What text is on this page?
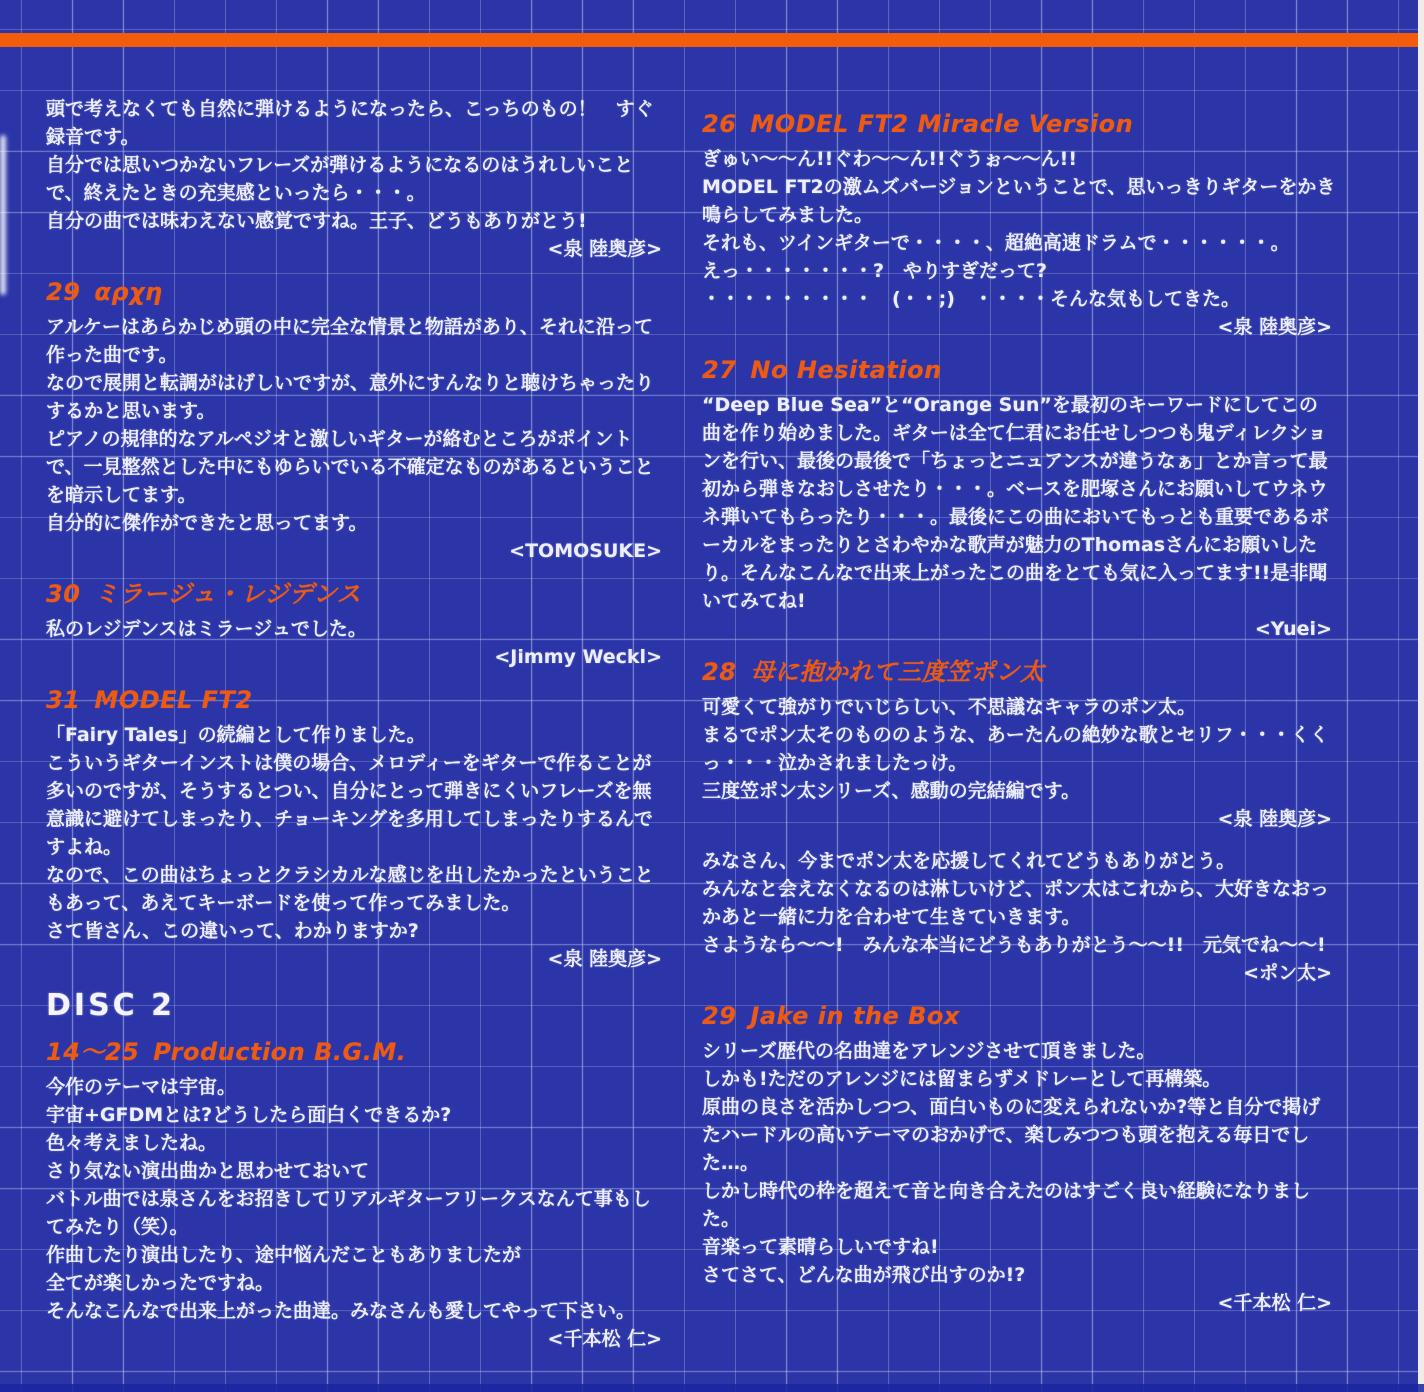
頭で考えなくても自然に弾けるようになったら、こっちのもの！　すぐ録音です。

自分では思いつかないフレーズが弾けるようになるのはうれしいことで、終えたときの充実感といったら・・・。

自分の曲では味わえない感覚ですね。王子、どうもありがとう!

<泉 陸奥彦>
29 αρχη

アルケーはあらかじめ頭の中に完全な情景と物語があり、それに沿って作った曲です。

なので展開と転調がはげしいですが、意外にすんなりと聴けちゃったりするかと思います。

ピアノの規律的なアルペジオと激しいギターが絡むところがポイントで、一見整然とした中にもゆらいでいる不確定なものがあるということを暗示してます。

自分的に傑作ができたと思ってます。

<TOMOSUKE>
30 ミラージュ・レジデンス

私のレジデンスはミラージュでした。

<Jimmy Weckl>
31 MODEL FT2

「Fairy Tales」の続編として作りました。

こういうギターインストは僕の場合、メロディーをギターで作ることが多いのですが、そうするとつい、自分にとって弾きにくいフレーズを無意識に避けてしまったり、チョーキングを多用してしまったりするんですよね。

なので、この曲はちょっとクラシカルな感じを出したかったということもあって、あえてキーボードを使って作ってみました。

さて皆さん、この違いって、わかりますか?

<泉 陸奥彦>
DISC 2
14～25 Production B.G.M.

今作のテーマは宇宙。

宇宙+GFDMとは?どうしたら面白くできるか?

色々考えましたね。

さり気ない演出曲かと思わせておいて

バトル曲では泉さんをお招きしてリアルギターフリークスなんて事もしてみたり（笑）。

作曲したり演出したり、途中悩んだこともありましたが

全てが楽しかったですね。

そんなこんなで出来上がった曲達。みなさんも愛してやって下さい。

<千本松 仁>
26 MODEL FT2 Miracle Version

ぎゅい～～ん!!ぐわ～～ん!!ぐうぉ～～ん!!

MODEL FT2の激ムズバージョンということで、思いっきりギターをかき鳴らしてみました。

それも、ツインギターで・・・・、超絶高速ドラムで・・・・・・。

えっ・・・・・・・?　やりすぎだって?

・・・・・・・・・　(・・;)　・・・・そんな気もしてきた。

<泉 陸奥彦>
27 No Hesitation

“Deep Blue Sea”と“Orange Sun”を最初のキーワードにしてこの曲を作り始めました。ギターは全て仁君にお任せしつつも鬼ディレクションを行い、最後の最後で「ちょっとニュアンスが違うなぁ」とか言って最初から弾きなおしさせたり・・・。ベースを肥塚さんにお願いしてウネウネ弾いてもらったり・・・。最後にこの曲においてもっとも重要であるボーカルをまったりとさわやかな歌声が魅力のThomasさんにお願いしたり。そんなこんなで出来上がったこの曲をとても気に入ってます!!是非聞いてみてね!

<Yuei>
28 母に抱かれて三度笠ポン太

可愛くて強がりでいじらしい、不思議なキャラのポン太。

まるでポン太そのもののような、あーたんの絶妙な歌とセリフ・・・くくっ・・・泣かされましたっけ。

三度笠ポン太シリーズ、感動の完結編です。

<泉 陸奥彦>

みなさん、今までポン太を応援してくれてどうもありがとう。

みんなと会えなくなるのは淋しいけど、ポン太はこれから、大好きなおっかあと一緒に力を合わせて生きていきます。

さようなら～～!　みんな本当にどうもありがとう～～!!　元気でね～～!

<ポン太>
29 Jake in the Box

シリーズ歴代の名曲達をアレンジさせて頂きました。

しかも!ただのアレンジには留まらずメドレーとして再構築。

原曲の良さを活かしつつ、面白いものに変えられないか?等と自分で掲げたハードルの高いテーマのおかげで、楽しみつつも頭を抱える毎日でした…。

しかし時代の枠を超えて音と向き合えたのはすごく良い経験になりました。

音楽って素晴らしいですね!

さてさて、どんな曲が飛び出すのか!?

<千本松 仁>
